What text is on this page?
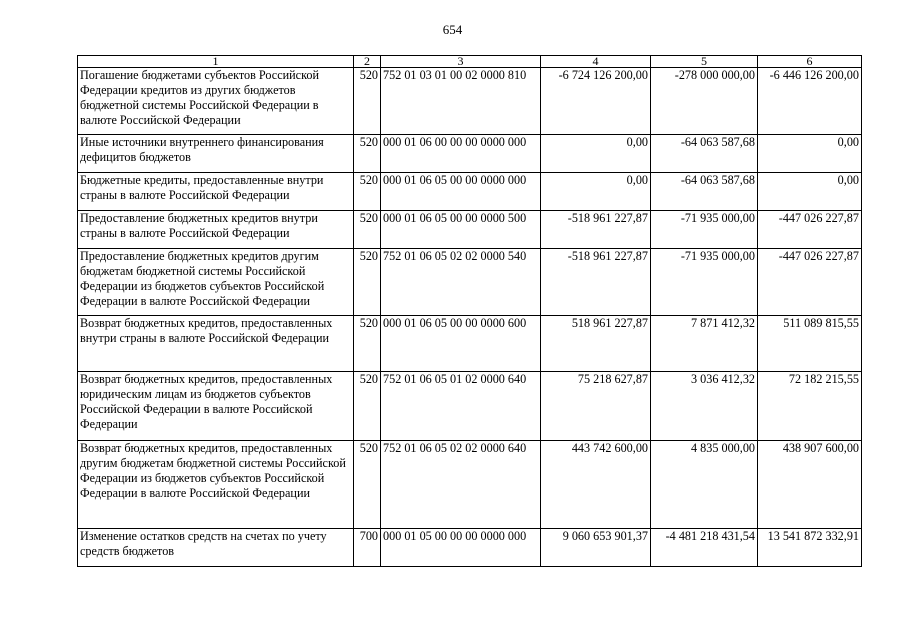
654
1	2	3	4	5	6
Погашение бюджетами субъектов Российской Федерации кредитов из других бюджетов бюджетной системы Российской Федерации в валюте Российской Федерации	520	752 01 03 01 00 02 0000 810	-6 724 126 200,00	-278 000 000,00	-6 446 126 200,00
Иные источники внутреннего финансирования дефицитов бюджетов	520	000 01 06 00 00 00 0000 000	0,00	-64 063 587,68	0,00
Бюджетные кредиты, предоставленные внутри страны в валюте Российской Федерации	520	000 01 06 05 00 00 0000 000	0,00	-64 063 587,68	0,00
Предоставление бюджетных кредитов внутри страны в валюте Российской Федерации	520	000 01 06 05 00 00 0000 500	-518 961 227,87	-71 935 000,00	-447 026 227,87
Предоставление бюджетных кредитов другим бюджетам бюджетной системы Российской Федерации из бюджетов субъектов Российской Федерации в валюте Российской Федерации	520	752 01 06 05 02 02 0000 540	-518 961 227,87	-71 935 000,00	-447 026 227,87
Возврат бюджетных кредитов, предоставленных внутри страны в валюте Российской Федерации	520	000 01 06 05 00 00 0000 600	518 961 227,87	7 871 412,32	511 089 815,55
Возврат бюджетных кредитов, предоставленных юридическим лицам из бюджетов субъектов Российской Федерации в валюте Российской Федерации	520	752 01 06 05 01 02 0000 640	75 218 627,87	3 036 412,32	72 182 215,55
Возврат бюджетных кредитов, предоставленных другим бюджетам бюджетной системы Российской Федерации из бюджетов субъектов Российской Федерации в валюте Российской Федерации	520	752 01 06 05 02 02 0000 640	443 742 600,00	4 835 000,00	438 907 600,00
Изменение остатков средств на счетах по учету средств бюджетов	700	000 01 05 00 00 00 0000 000	9 060 653 901,37	-4 481 218 431,54	13 541 872 332,91
